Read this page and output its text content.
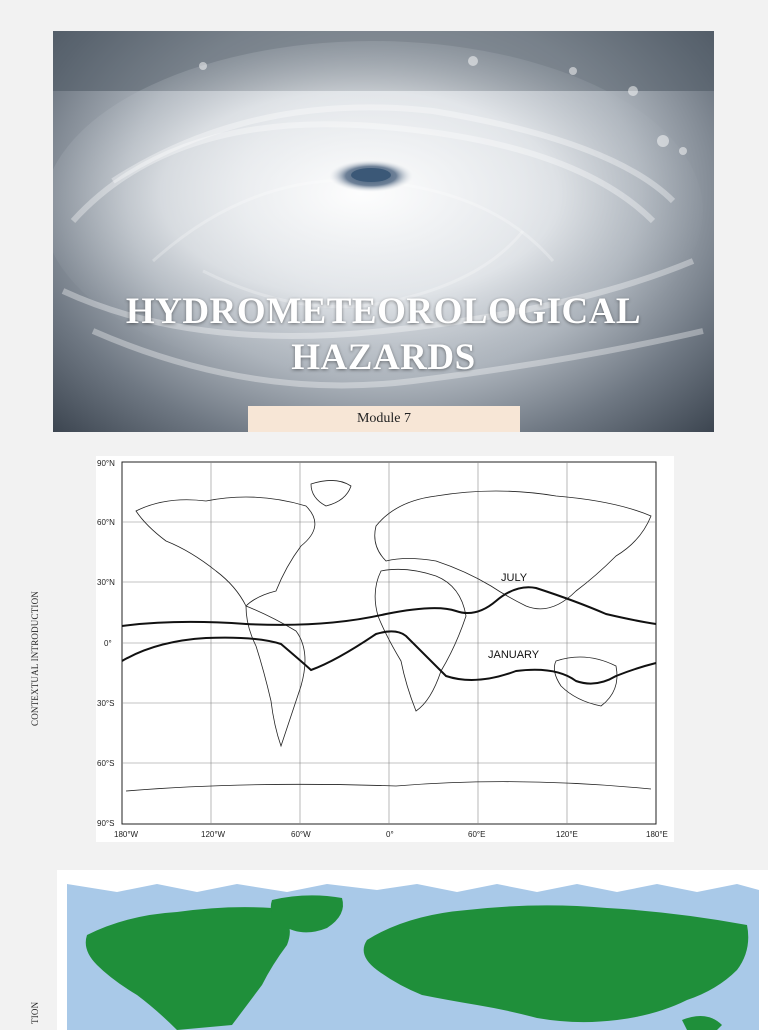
HYDROMETEOROLOGICAL
HAZARDS
Module 7
CONTEXTUAL INTRODUCTION
JULY
JANUARY
90°N
60°N
30°N
0°
30°S
60°S
90°S
180°W	120°W	60°W	0°	60°E	120°E	180°E
TION
